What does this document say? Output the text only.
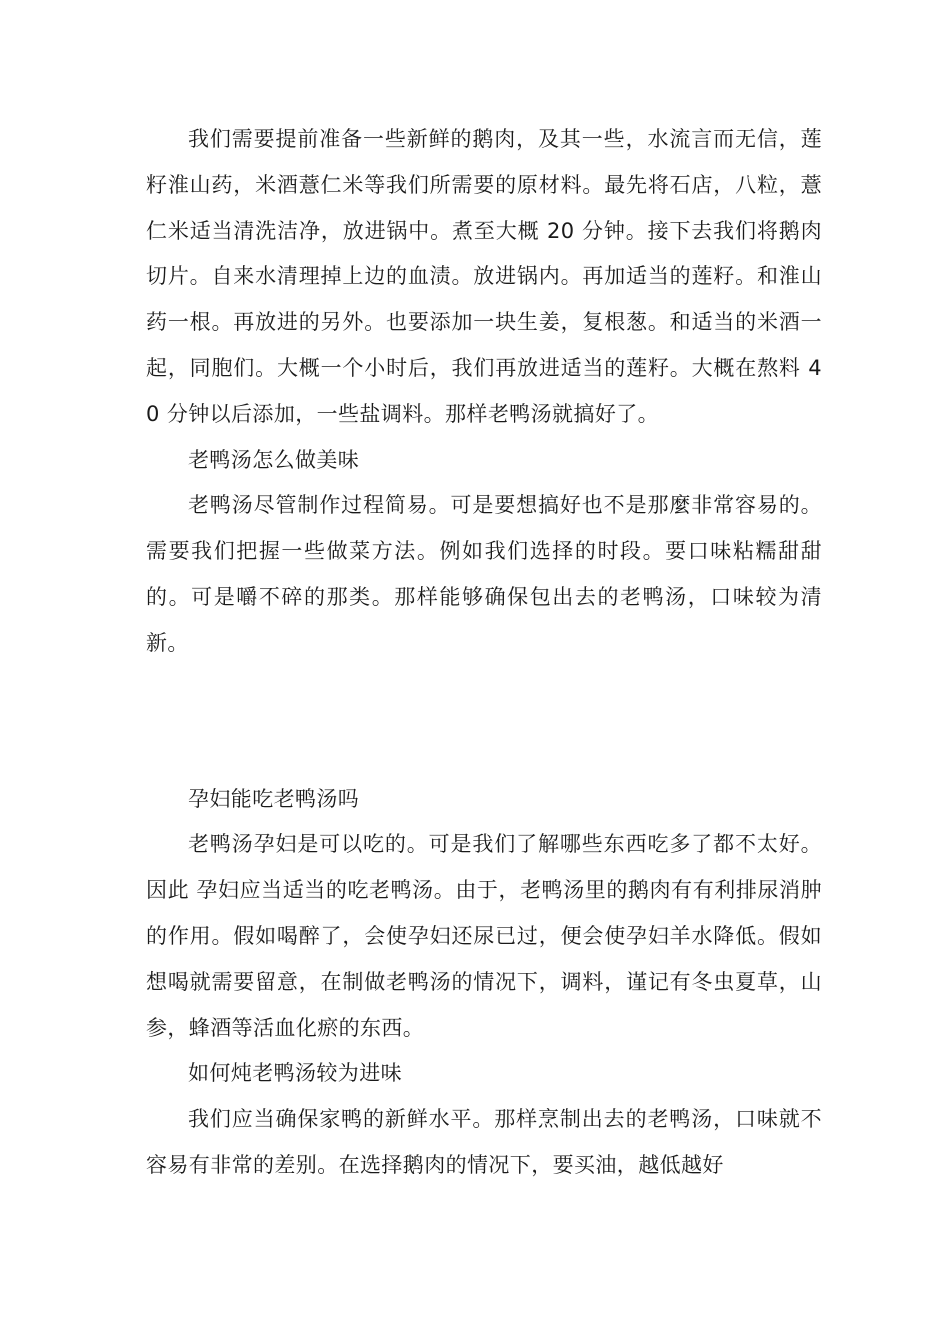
我们需要提前准备一些新鲜的鹅肉，及其一些，水流言而无信，莲籽淮山药，米酒薏仁米等我们所需要的原材料。最先将石店，八粒，薏仁米适当清洗洁净，放进锅中。煮至大概 20 分钟。接下去我们将鹅肉切片。自来水清理掉上边的血渍。放进锅内。再加适当的莲籽。和淮山药一根。再放进的另外。也要添加一块生姜，复根葱。和适当的米酒一起，同胞们。大概一个小时后，我们再放进适当的莲籽。大概在熬料 40 分钟以后添加，一些盐调料。那样老鸭汤就搞好了。

老鸭汤怎么做美味

老鸭汤尽管制作过程简易。可是要想搞好也不是那麼非常容易的。需要我们把握一些做菜方法。例如我们选择的时段。要口味粘糯甜甜的。可是嚼不碎的那类。那样能够确保包出去的老鸭汤，口味较为清新。

孕妇能吃老鸭汤吗

老鸭汤孕妇是可以吃的。可是我们了解哪些东西吃多了都不太好。因此 孕妇应当适当的吃老鸭汤。由于，老鸭汤里的鹅肉有有利排尿消肿的作用。假如喝醉了，会使孕妇还尿已过，便会使孕妇羊水降低。假如想喝就需要留意，在制做老鸭汤的情况下，调料，谨记有冬虫夏草，山参，蜂酒等活血化瘀的东西。

如何炖老鸭汤较为进味

我们应当确保家鸭的新鲜水平。那样烹制出去的老鸭汤，口味就不容易有非常的差别。在选择鹅肉的情况下，要买油，越低越好
